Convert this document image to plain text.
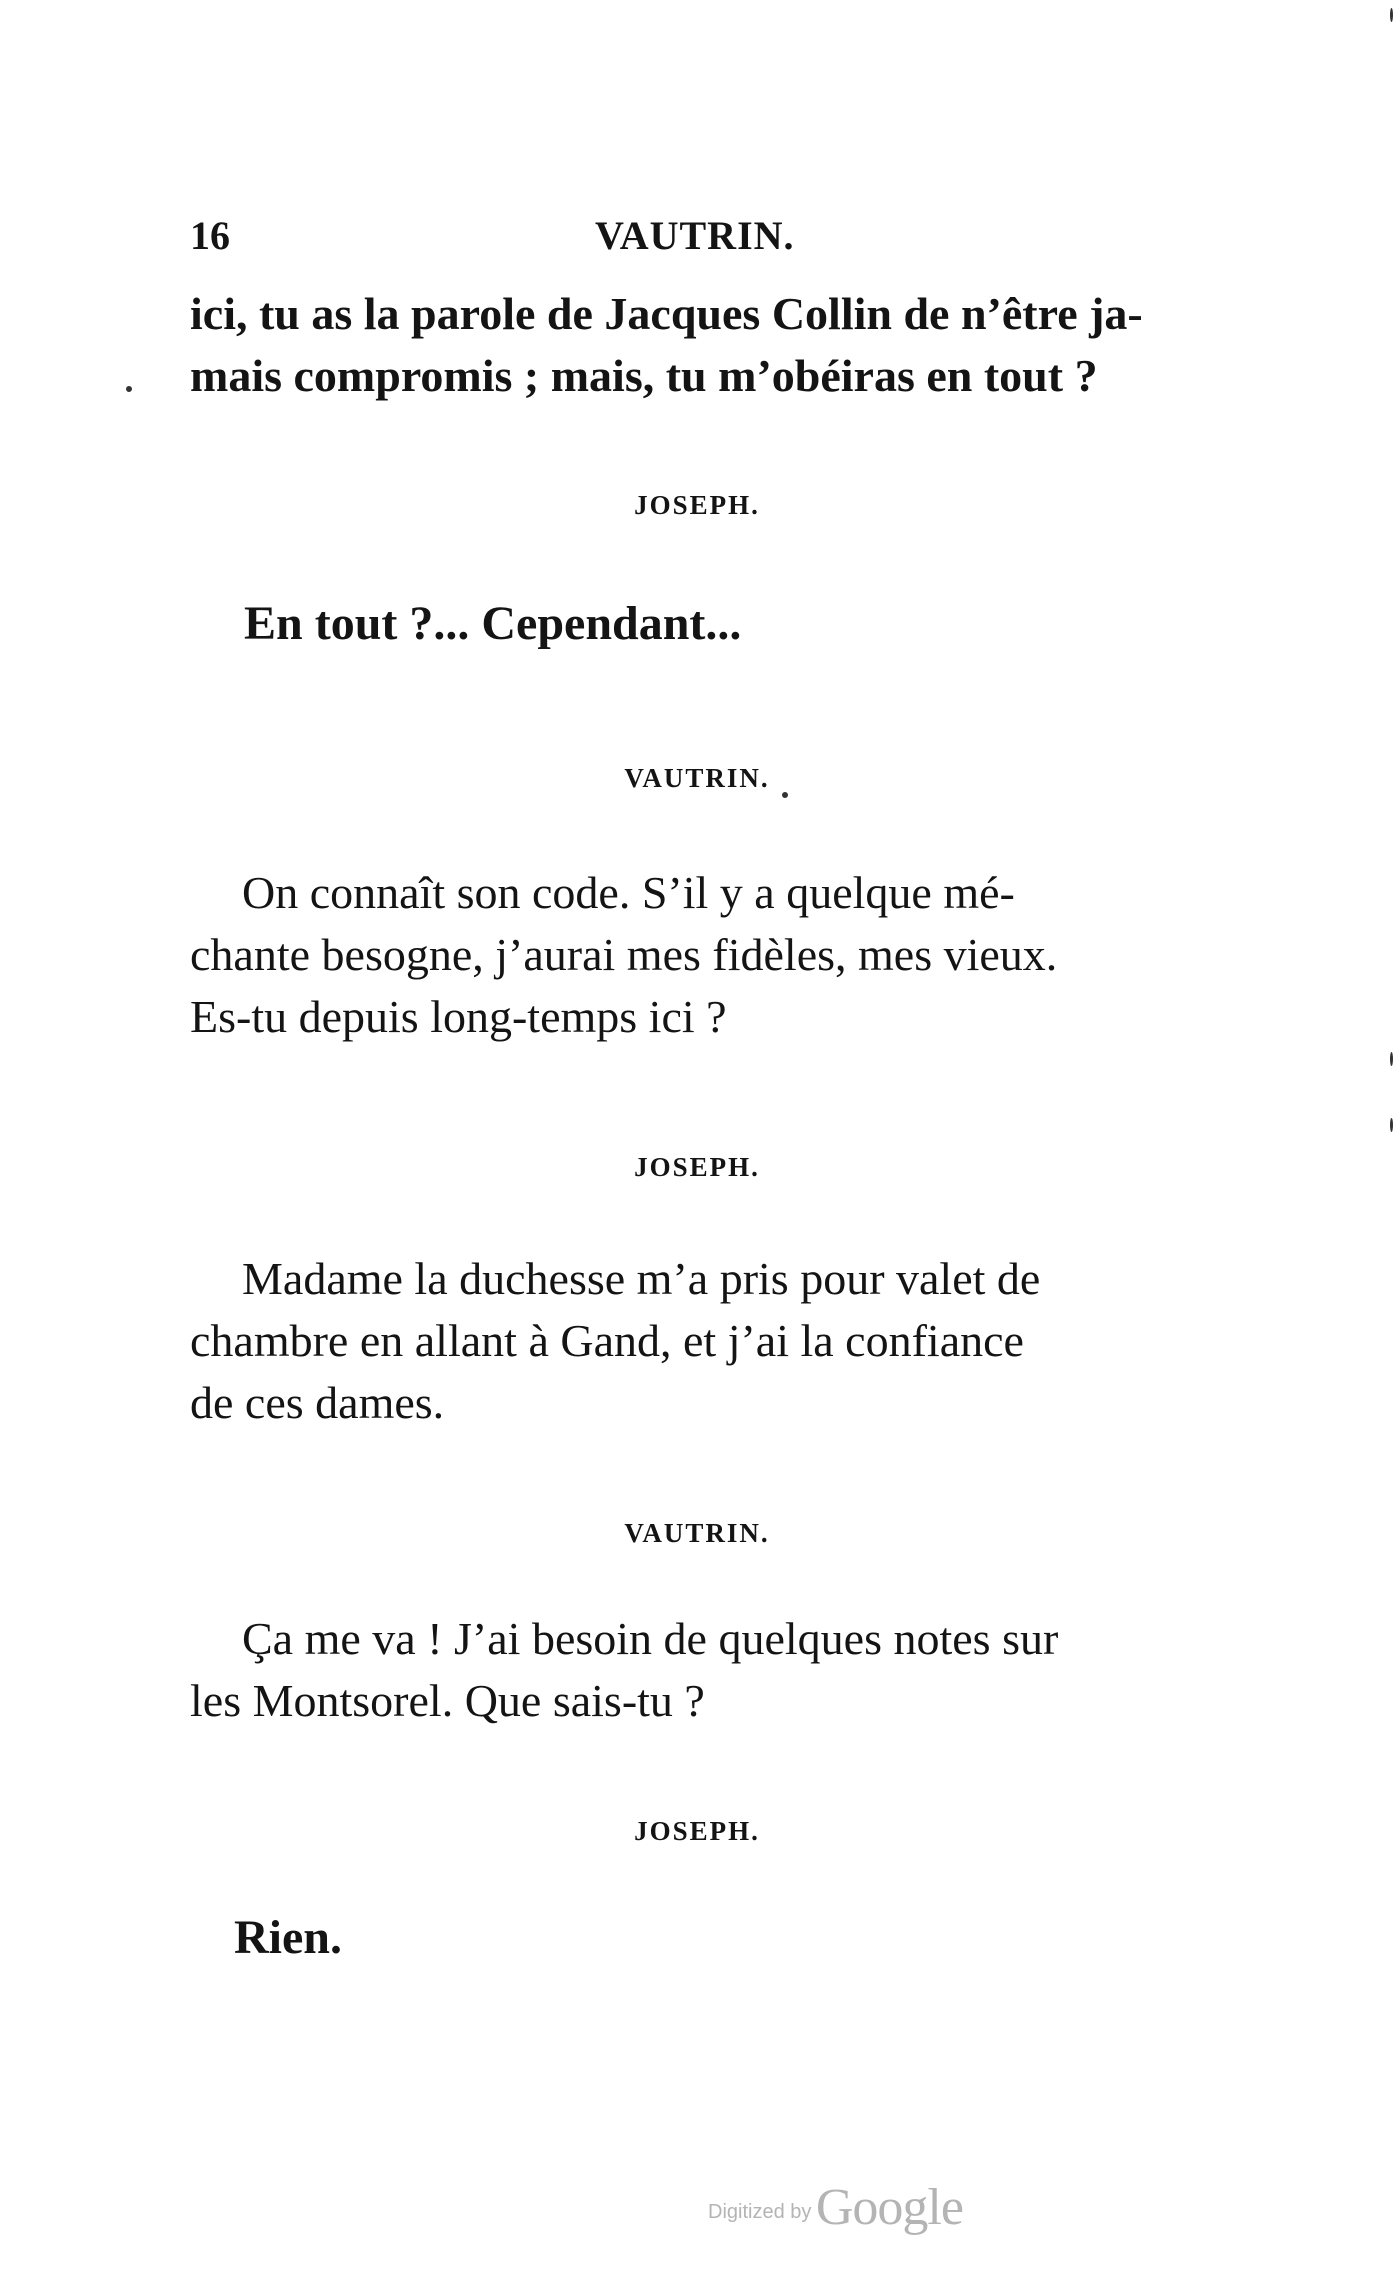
16	VAUTRIN.
ici, tu as la parole de Jacques Collin de n’être ja-
mais compromis ; mais, tu m’obéiras en tout ?
JOSEPH.
En tout ?... Cependant...
VAUTRIN.
On connaît son code. S’il y a quelque mé-
chante besogne, j’aurai mes fidèles, mes vieux.
Es-tu depuis long-temps ici ?
JOSEPH.
Madame la duchesse m’a pris pour valet de
chambre en allant à Gand, et j’ai la confiance
de ces dames.
VAUTRIN.
Ça me va ! J’ai besoin de quelques notes sur
les Montsorel. Que sais-tu ?
JOSEPH.
Rien.
Digitized by Google
